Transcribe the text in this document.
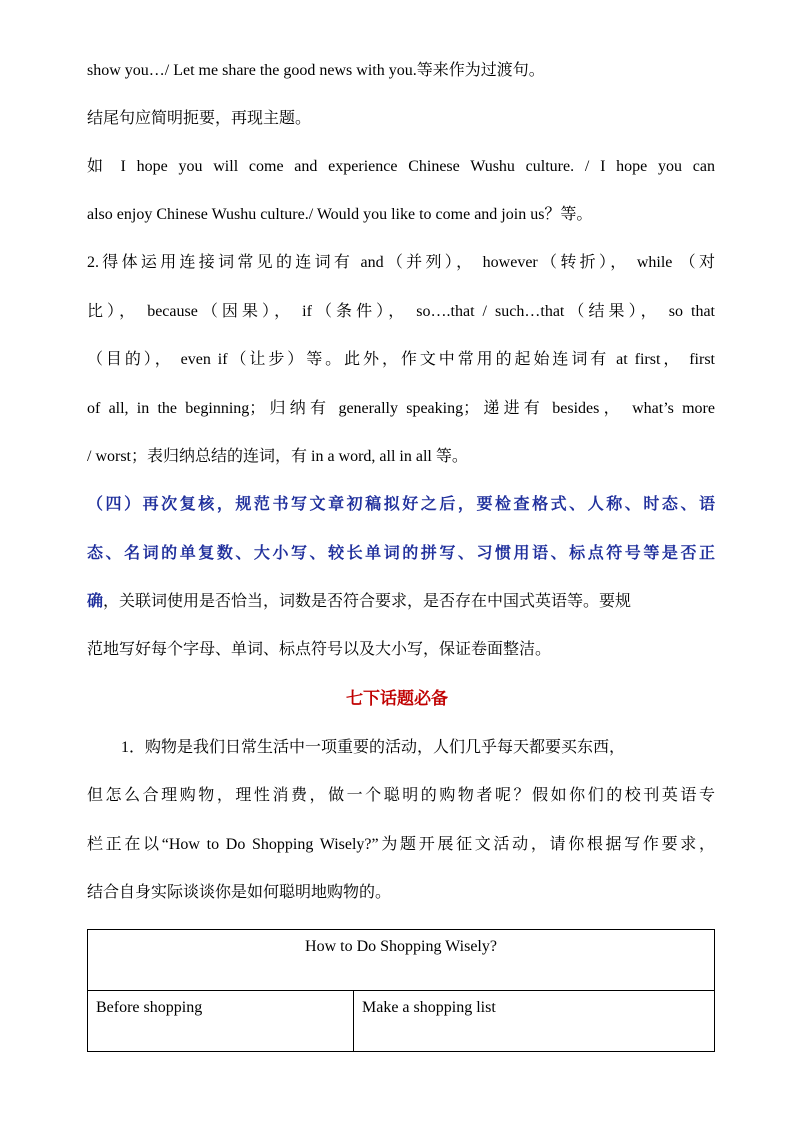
show you…/ Let me share the good news with you.等来作为过渡句。
结尾句应简明扼要，再现主题。
如 I hope you will come and experience Chinese Wushu culture. / I hope you can
also enjoy Chinese Wushu culture./ Would you like to come and join us？等。
2.得体运用连接词常见的连词有 and（并列）， however（转折）， while （对
比）， because（因果）， if（条件）， so….that / such…that（结果）， so that
（目的）， even if（让步）等。此外，作文中常用的起始连词有 at first， first
of all, in the beginning；归纳有 generally speaking；递进有 besides， what’s more
/ worst；表归纳总结的连词，有 in a word, all in all 等。
（四）再次复核，规范书写文章初稿拟好之后，要检查格式、人称、时态、语
态、名词的单复数、大小写、较长单词的拼写、习惯用语、标点符号等是否正
确，关联词使用是否恰当，词数是否符合要求，是否存在中国式英语等。要规
范地写好每个字母、单词、标点符号以及大小写，保证卷面整洁。
七下话题必备
1．购物是我们日常生活中一项重要的活动，人们几乎每天都要买东西，
但怎么合理购物，理性消费，做一个聪明的购物者呢？假如你们的校刊英语专
栏正在以“How to Do Shopping Wisely?”为题开展征文活动，请你根据写作要求，
结合自身实际谈谈你是如何聪明地购物的。
How to Do Shopping Wisely?
Before shopping	Make a shopping list
